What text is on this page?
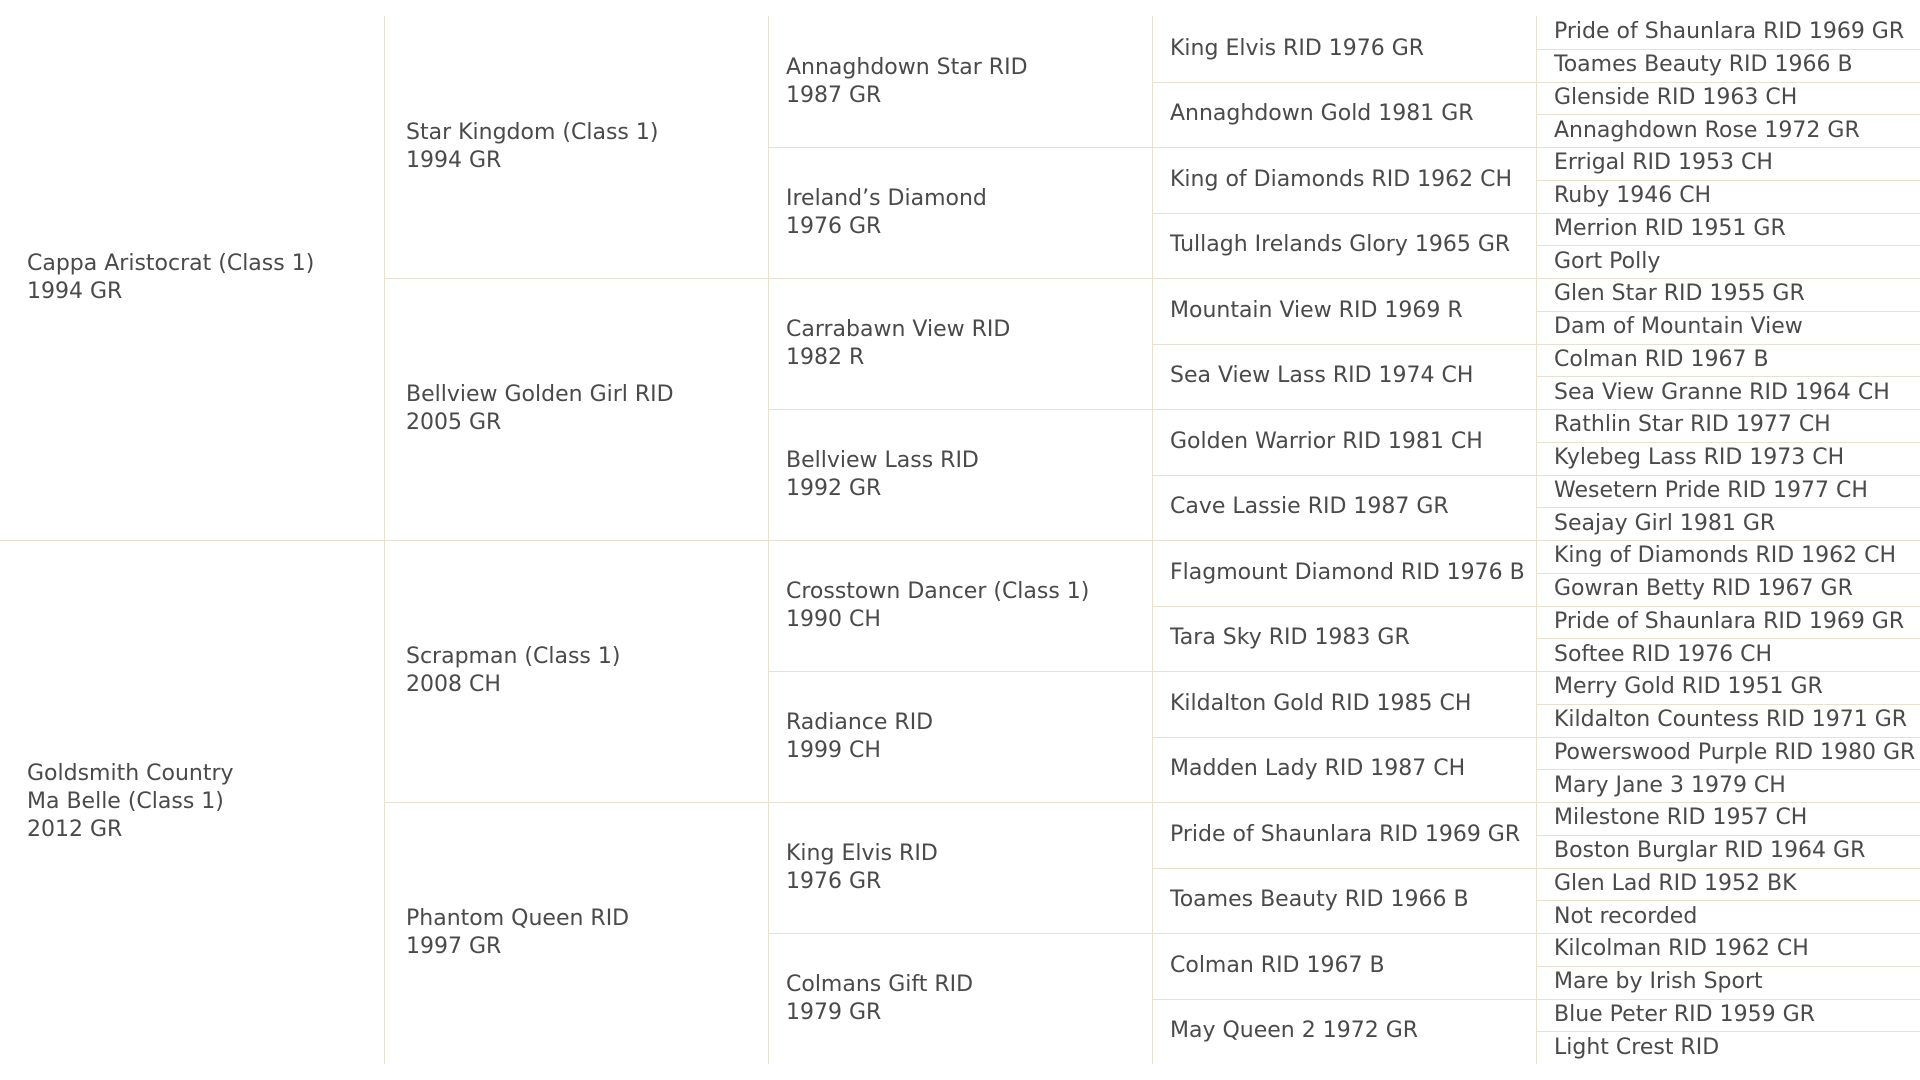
Cappa Aristocrat (Class 1)
1994 GR
Goldsmith Country
Ma Belle (Class 1)
2012 GR
Star Kingdom (Class 1)
1994 GR
Bellview Golden Girl RID
2005 GR
Scrapman (Class 1)
2008 CH
Phantom Queen RID
1997 GR
Annaghdown Star RID
1987 GR
Ireland’s Diamond
1976 GR
Carrabawn View RID
1982 R
Bellview Lass RID
1992 GR
Crosstown Dancer (Class 1)
1990 CH
Radiance RID
1999 CH
King Elvis RID
1976 GR
Colmans Gift RID
1979 GR
King Elvis RID 1976 GR
Annaghdown Gold 1981 GR
King of Diamonds RID 1962 CH
Tullagh Irelands Glory 1965 GR
Mountain View RID 1969 R
Sea View Lass RID 1974 CH
Golden Warrior RID 1981 CH
Cave Lassie RID 1987 GR
Flagmount Diamond RID 1976 B
Tara Sky RID 1983 GR
Kildalton Gold RID 1985 CH
Madden Lady RID 1987 CH
Pride of Shaunlara RID 1969 GR
Toames Beauty RID 1966 B
Colman RID 1967 B
May Queen 2 1972 GR
Pride of Shaunlara RID 1969 GR
Toames Beauty RID 1966 B
Glenside RID 1963 CH
Annaghdown Rose 1972 GR
Errigal RID 1953 CH
Ruby 1946 CH
Merrion RID 1951 GR
Gort Polly
Glen Star RID 1955 GR
Dam of Mountain View
Colman RID 1967 B
Sea View Granne RID 1964 CH
Rathlin Star RID 1977 CH
Kylebeg Lass RID 1973 CH
Wesetern Pride RID 1977 CH
Seajay Girl 1981 GR
King of Diamonds RID 1962 CH
Gowran Betty RID 1967 GR
Pride of Shaunlara RID 1969 GR
Softee RID 1976 CH
Merry Gold RID 1951 GR
Kildalton Countess RID 1971 GR
Powerswood Purple RID 1980 GR
Mary Jane 3 1979 CH
Milestone RID 1957 CH
Boston Burglar RID 1964 GR
Glen Lad RID 1952 BK
Not recorded
Kilcolman RID 1962 CH
Mare by Irish Sport
Blue Peter RID 1959 GR
Light Crest RID
